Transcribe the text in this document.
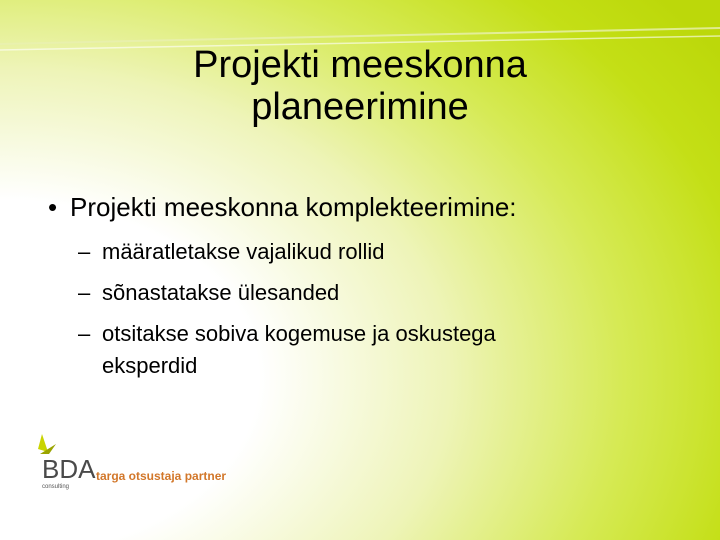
Projekti meeskonna
planeerimine
• Projekti meeskonna komplekteerimine:
– määratletakse vajalikud rollid
– sõnastatakse ülesanded
– otsitakse sobiva kogemuse ja oskustega
eksperdid
BDA
consulting
targa otsustaja partner
